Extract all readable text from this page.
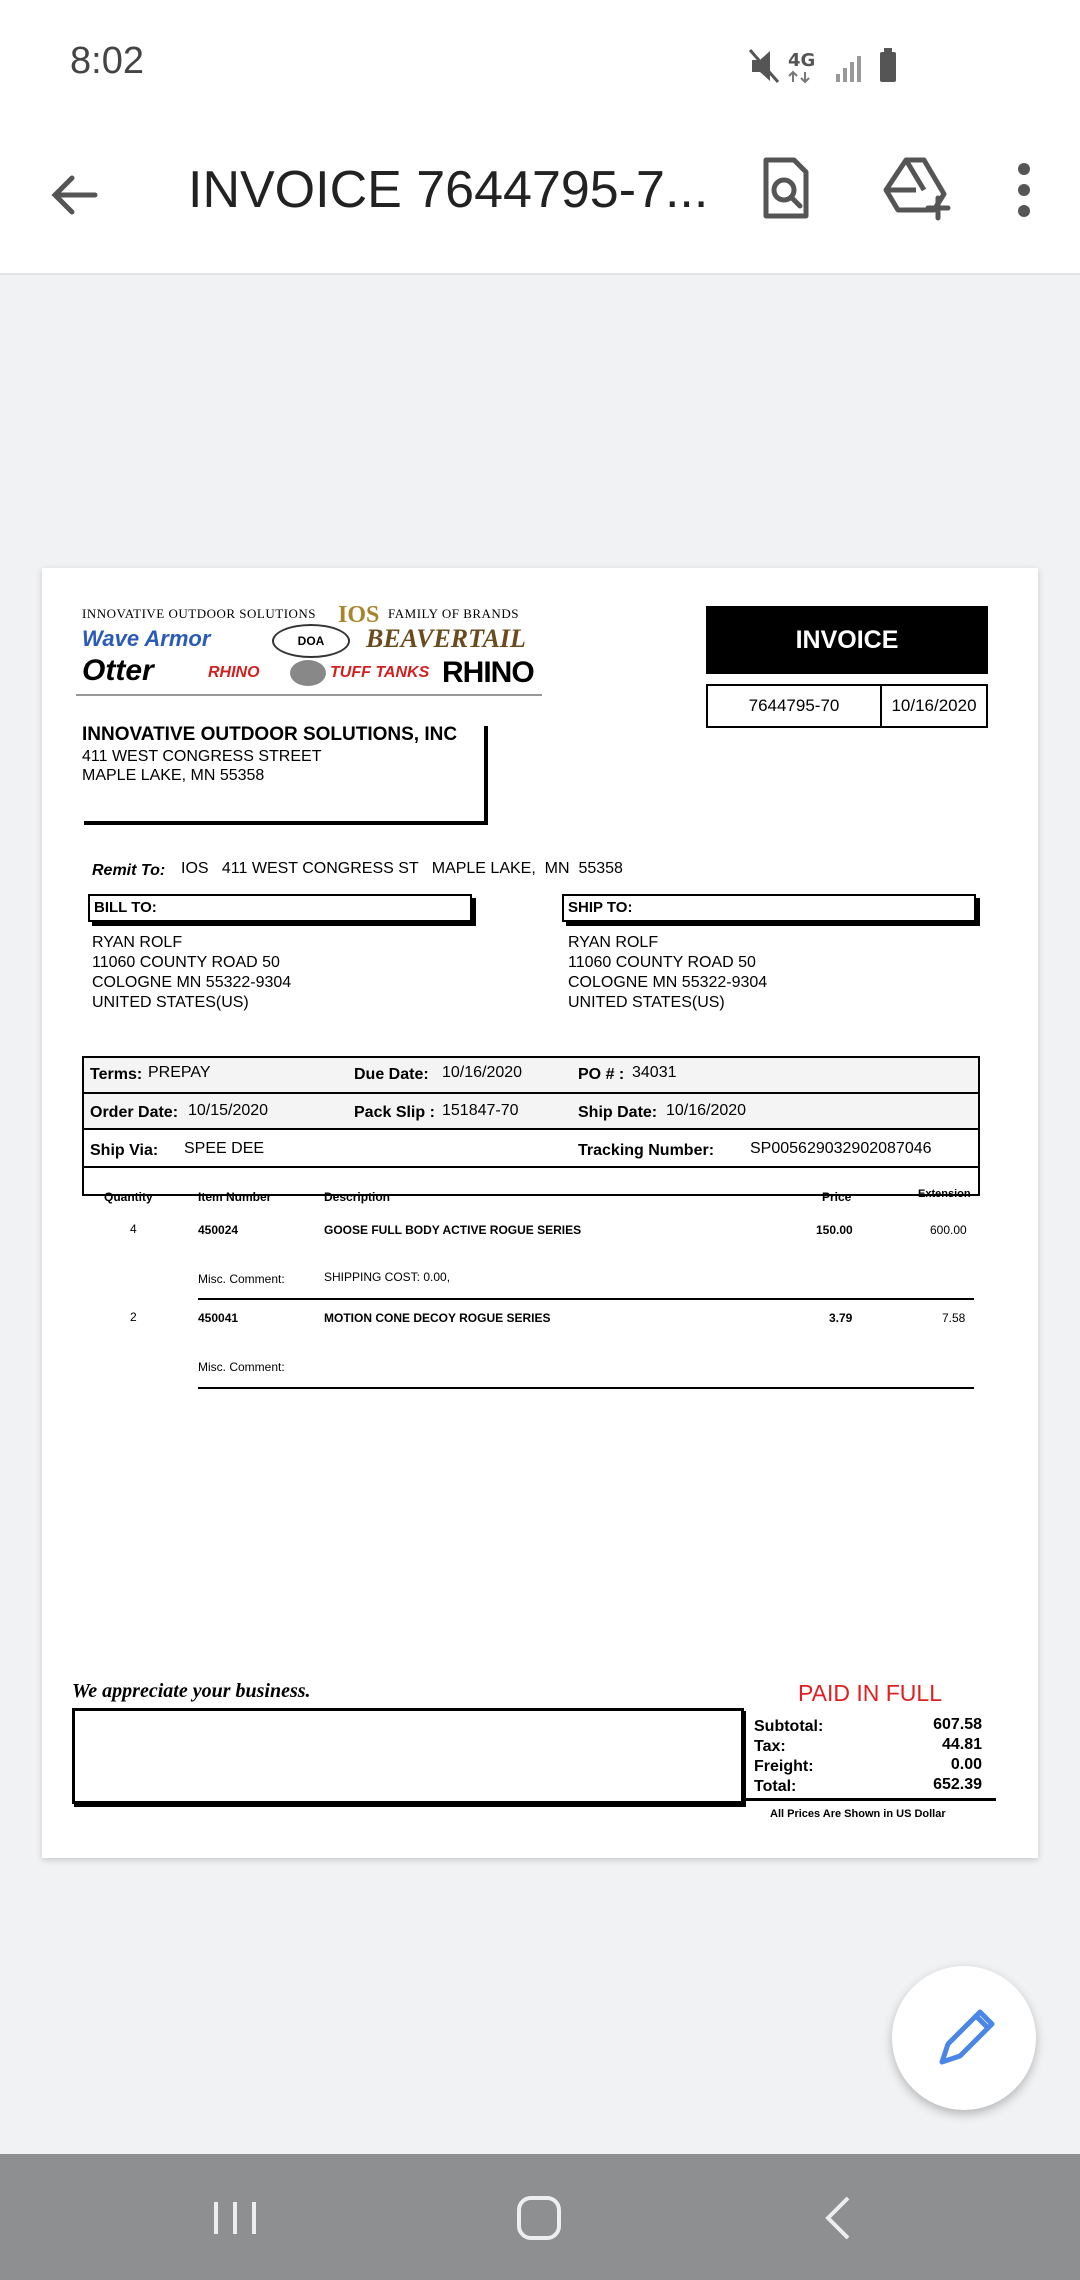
8:02	4G
INVOICE 7644795-7...
INNOVATIVE OUTDOOR SOLUTIONS IOS FAMILY OF BRANDS
Wave Armor	DOA	BEAVERTAIL
Otter	RHINO	TUFF TANKS RHINO
INVOICE
7644795-70	10/16/2020
INNOVATIVE OUTDOOR SOLUTIONS, INC
411 WEST CONGRESS STREET
MAPLE LAKE, MN 55358
Remit To: IOS   411 WEST CONGRESS ST   MAPLE LAKE,  MN  55358
BILL TO:
RYAN ROLF
11060 COUNTY ROAD 50
COLOGNE MN 55322-9304
UNITED STATES(US)
SHIP TO:
RYAN ROLF
11060 COUNTY ROAD 50
COLOGNE MN 55322-9304
UNITED STATES(US)
Terms: PREPAY	Due Date: 10/16/2020	PO # : 34031
Order Date: 10/15/2020	Pack Slip : 151847-70	Ship Date: 10/16/2020
Ship Via: SPEE DEE	Tracking Number: SP005629032902087046
Quantity	Item Number	Description	Price	Extension
4	450024	GOOSE FULL BODY ACTIVE ROGUE SERIES	150.00	600.00
Misc. Comment:	SHIPPING COST: 0.00,
2	450041	MOTION CONE DECOY ROGUE SERIES	3.79	7.58
Misc. Comment:
We appreciate your business.	PAID IN FULL
Subtotal:	607.58
Tax:	44.81
Freight:	0.00
Total:	652.39
All Prices Are Shown in US Dollar
